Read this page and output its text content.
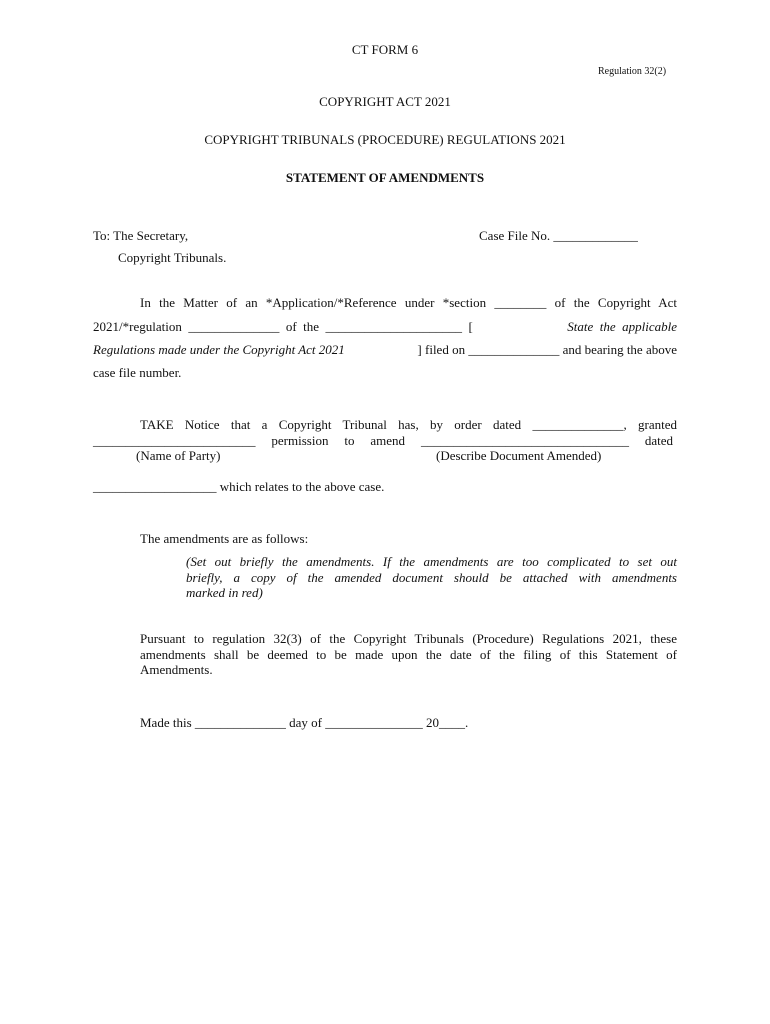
CT FORM 6
Regulation 32(2)
COPYRIGHT ACT 2021
COPYRIGHT TRIBUNALS (PROCEDURE) REGULATIONS 2021
STATEMENT OF AMENDMENTS
To: The Secretary,	Case File No. _____________
Copyright Tribunals.
In the Matter of an *Application/*Reference under *section ________ of the Copyright Act
2021/*regulation  ______________  of  the  _____________________  [	State  the  applicable
Regulations made under the Copyright Act 2021	] filed on ______________ and bearing the above
case file number.
TAKE Notice that a Copyright Tribunal has, by order dated ______________, granted
_________________________ permission to amend ________________________________ dated
(Name of Party)	(Describe Document Amended)
___________________ which relates to the above case.
The amendments are as follows:
(Set out briefly the amendments. If the amendments are too complicated to set out
briefly, a copy of the amended document should be attached with amendments
marked in red)
Pursuant to regulation 32(3) of the Copyright Tribunals (Procedure) Regulations 2021, these
amendments shall be deemed to be made upon the date of the filing of this Statement of
Amendments.
Made this ______________ day of _______________ 20____.
